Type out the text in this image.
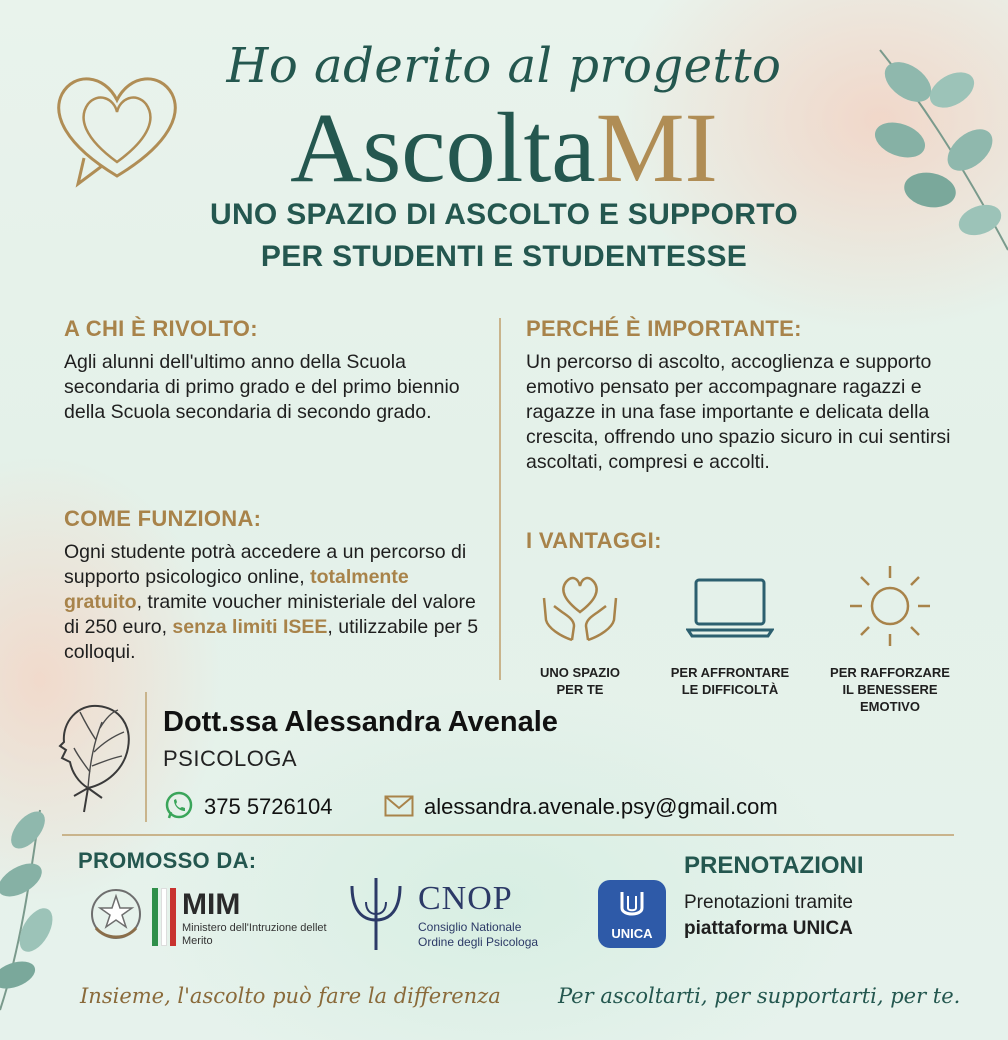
Ho aderito al progetto
AscoltaMI
UNO SPAZIO DI ASCOLTO E SUPPORTO
PER STUDENTI E STUDENTESSE
A CHI È RIVOLTO:
Agli alunni dell'ultimo anno della Scuola secondaria di primo grado e del primo biennio della Scuola secondaria di secondo grado.
COME FUNZIONA:
Ogni studente potrà accedere a un percorso di supporto psicologico online, totalmente gratuito, tramite voucher ministeriale del valore di 250 euro, senza limiti ISEE, utilizzabile per 5 colloqui.
PERCHÉ È IMPORTANTE:
Un percorso di ascolto, accoglienza e supporto emotivo pensato per accompagnare ragazzi e ragazze in una fase importante e delicata della crescita, offrendo uno spazio sicuro in cui sentirsi ascoltati, compresi e accolti.
I VANTAGGI:
UNO SPAZIO
PER TE
PER AFFRONTARE
LE DIFFICOLTÀ
PER RAFFORZARE
IL BENESSERE
EMOTIVO
Dott.ssa Alessandra Avenale
PSICOLOGA
375 5726104	alessandra.avenale.psy@gmail.com
PROMOSSO DA:
MIM
Ministero dell'Intruzione dellet Merito
CNOP
Consiglio Nationale
Ordine degli Psicologa
UNICA
PRENOTAZIONI
Prenotazioni tramite
piattaforma UNICA
Insieme, l'ascolto può fare la differenza	Per ascoltarti, per supportarti, per te.
